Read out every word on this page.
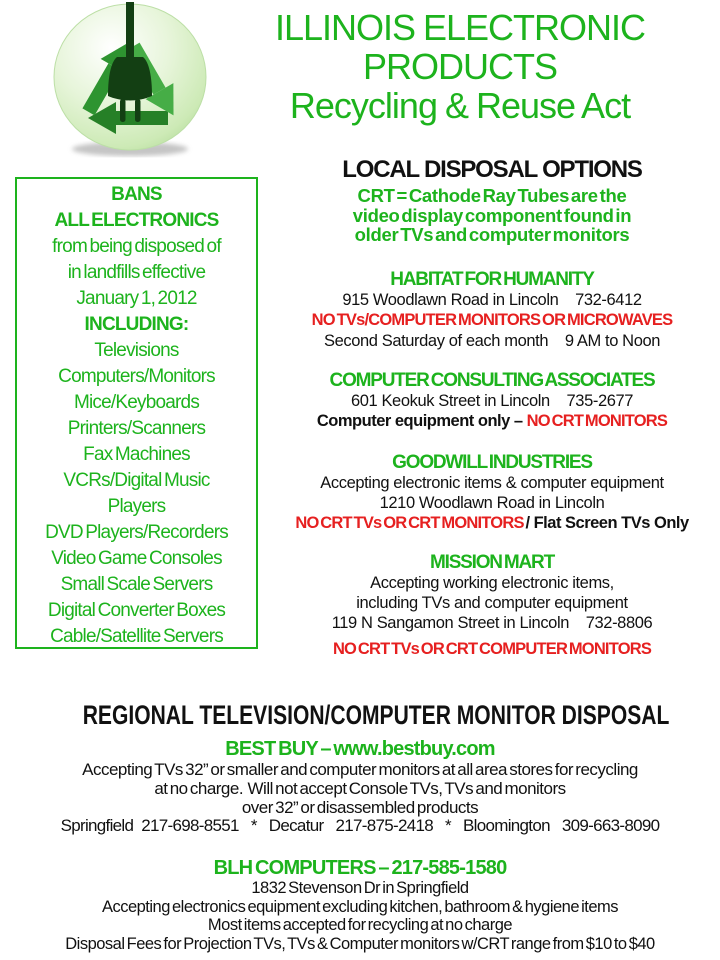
ILLINOIS ELECTRONIC
PRODUCTS
Recycling & Reuse Act
BANS
ALL ELECTRONICS
from being disposed of
in landfills effective
January 1, 2012
INCLUDING:
Televisions
Computers/Monitors
Mice/Keyboards
Printers/Scanners
Fax Machines
VCRs/Digital Music
Players
DVD Players/Recorders
Video Game Consoles
Small Scale Servers
Digital Converter Boxes
Cable/Satellite Servers
LOCAL DISPOSAL OPTIONS
CRT = Cathode Ray Tubes are the
video display component found in
older TVs and computer monitors
HABITAT FOR HUMANITY
915 Woodlawn Road in Lincoln    732-6412
NO TVs/COMPUTER MONITORS OR MICROWAVES
Second Saturday of each month    9 AM to Noon
COMPUTER CONSULTING ASSOCIATES
601 Keokuk Street in Lincoln    735-2677
Computer equipment only – NO CRT MONITORS
GOODWILL INDUSTRIES
Accepting electronic items & computer equipment
1210 Woodlawn Road in Lincoln
NO CRT TVs OR CRT MONITORS / Flat Screen TVs Only
MISSION MART
Accepting working electronic items,
including TVs and computer equipment
119 N Sangamon Street in Lincoln    732-8806
NO CRT TVs OR CRT COMPUTER MONITORS
REGIONAL TELEVISION/COMPUTER MONITOR DISPOSAL
BEST BUY – www.bestbuy.com
Accepting TVs 32” or smaller and computer monitors at all area stores for recycling
at no charge.  Will not accept Console TVs, TVs and monitors
over 32” or disassembled products
Springfield  217-698-8551   *   Decatur   217-875-2418   *   Bloomington   309-663-8090
BLH COMPUTERS – 217-585-1580
1832 Stevenson Dr in Springfield
Accepting electronics equipment excluding kitchen, bathroom & hygiene items
Most items accepted for recycling at no charge
Disposal Fees for Projection TVs, TVs & Computer monitors w/CRT range from $10 to $40
